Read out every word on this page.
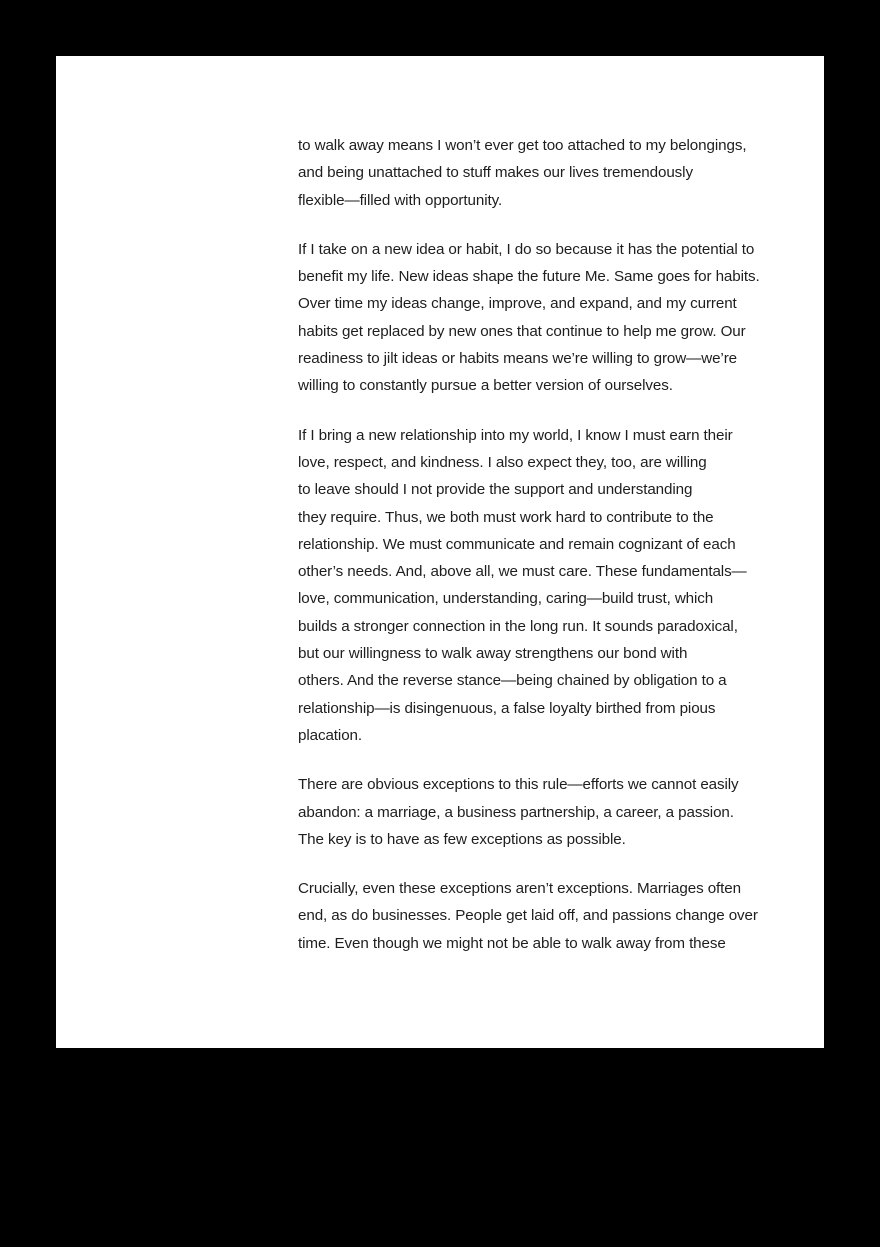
to walk away means I won’t ever get too attached to my belongings,
and being unattached to stuff makes our lives tremendously
flexible—filled with opportunity.

If I take on a new idea or habit, I do so because it has the potential to
benefit my life. New ideas shape the future Me. Same goes for habits.
Over time my ideas change, improve, and expand, and my current
habits get replaced by new ones that continue to help me grow. Our
readiness to jilt ideas or habits means we’re willing to grow—we’re
willing to constantly pursue a better version of ourselves.

If I bring a new relationship into my world, I know I must earn their
love, respect, and kindness. I also expect they, too, are willing
to leave should I not provide the support and understanding
they require. Thus, we both must work hard to contribute to the
relationship. We must communicate and remain cognizant of each
other’s needs. And, above all, we must care. These fundamentals—
love, communication, understanding, caring—build trust, which
builds a stronger connection in the long run. It sounds paradoxical,
but our willingness to walk away strengthens our bond with
others. And the reverse stance—being chained by obligation to a
relationship—is disingenuous, a false loyalty birthed from pious
placation.

There are obvious exceptions to this rule—efforts we cannot easily
abandon: a marriage, a business partnership, a career, a passion.
The key is to have as few exceptions as possible.

Crucially, even these exceptions aren’t exceptions. Marriages often
end, as do businesses. People get laid off, and passions change over
time. Even though we might not be able to walk away from these
